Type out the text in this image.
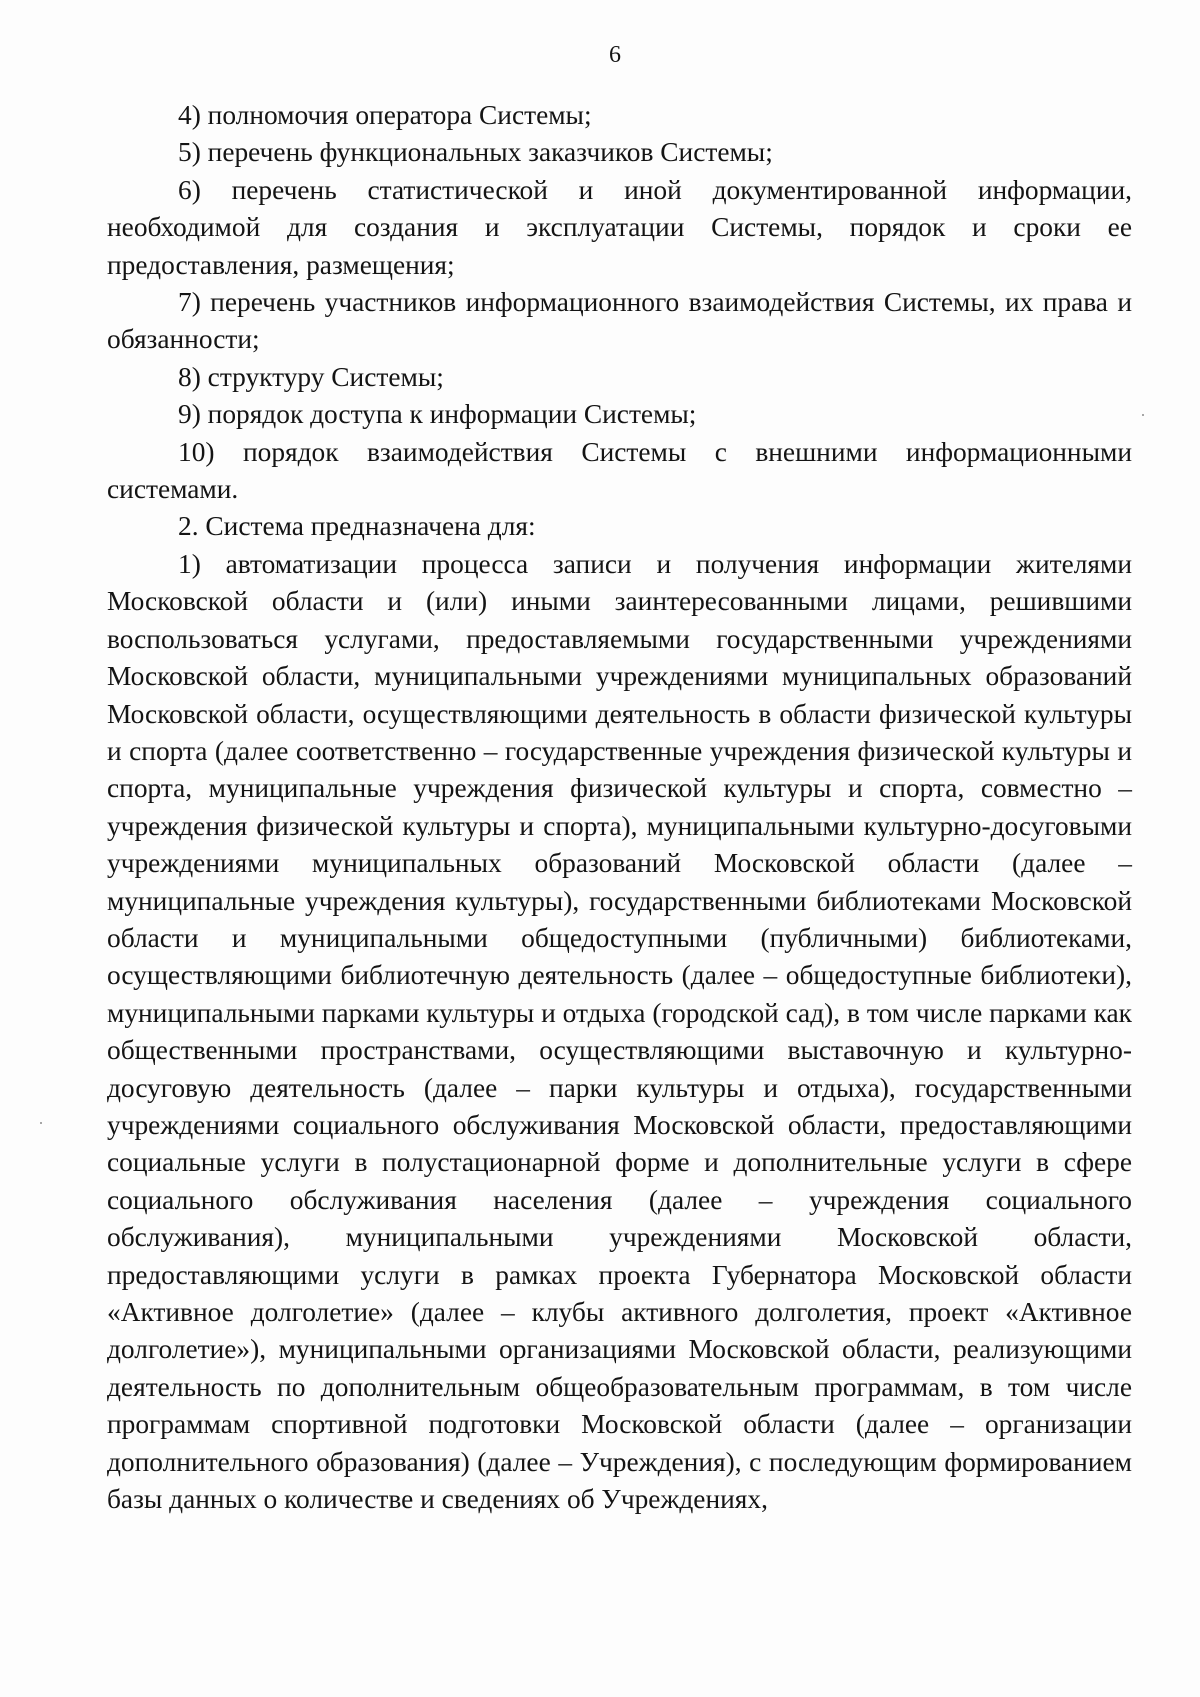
6

4) полномочия оператора Системы;

5) перечень функциональных заказчиков Системы;

6) перечень статистической и иной документированной информации, необходимой для создания и эксплуатации Системы, порядок и сроки ее предоставления, размещения;

7) перечень участников информационного взаимодействия Системы, их права и обязанности;

8) структуру Системы;

9) порядок доступа к информации Системы;

10) порядок взаимодействия Системы с внешними информационными системами.

2. Система предназначена для:

1) автоматизации процесса записи и получения информации жителями Московской области и (или) иными заинтересованными лицами, решившими воспользоваться услугами, предоставляемыми государственными учреждениями Московской области, муниципальными учреждениями муниципальных образований Московской области, осуществляющими деятельность в области физической культуры и спорта (далее соответственно – государственные учреждения физической культуры и спорта, муниципальные учреждения физической культуры и спорта, совместно – учреждения физической культуры и спорта), муниципальными культурно-досуговыми учреждениями муниципальных образований Московской области (далее – муниципальные учреждения культуры), государственными библиотеками Московской области и муниципальными общедоступными (публичными) библиотеками, осуществляющими библиотечную деятельность (далее – общедоступные библиотеки), муниципальными парками культуры и отдыха (городской сад), в том числе парками как общественными пространствами, осуществляющими выставочную и культурно-досуговую деятельность (далее – парки культуры и отдыха), государственными учреждениями социального обслуживания Московской области, предоставляющими социальные услуги в полустационарной форме и дополнительные услуги в сфере социального обслуживания населения (далее – учреждения социального обслуживания), муниципальными учреждениями Московской области, предоставляющими услуги в рамках проекта Губернатора Московской области «Активное долголетие» (далее – клубы активного долголетия, проект «Активное долголетие»), муниципальными организациями Московской области, реализующими деятельность по дополнительным общеобразовательным программам, в том числе программам спортивной подготовки Московской области (далее – организации дополнительного образования) (далее – Учреждения), с последующим формированием базы данных о количестве и сведениях об Учреждениях,
